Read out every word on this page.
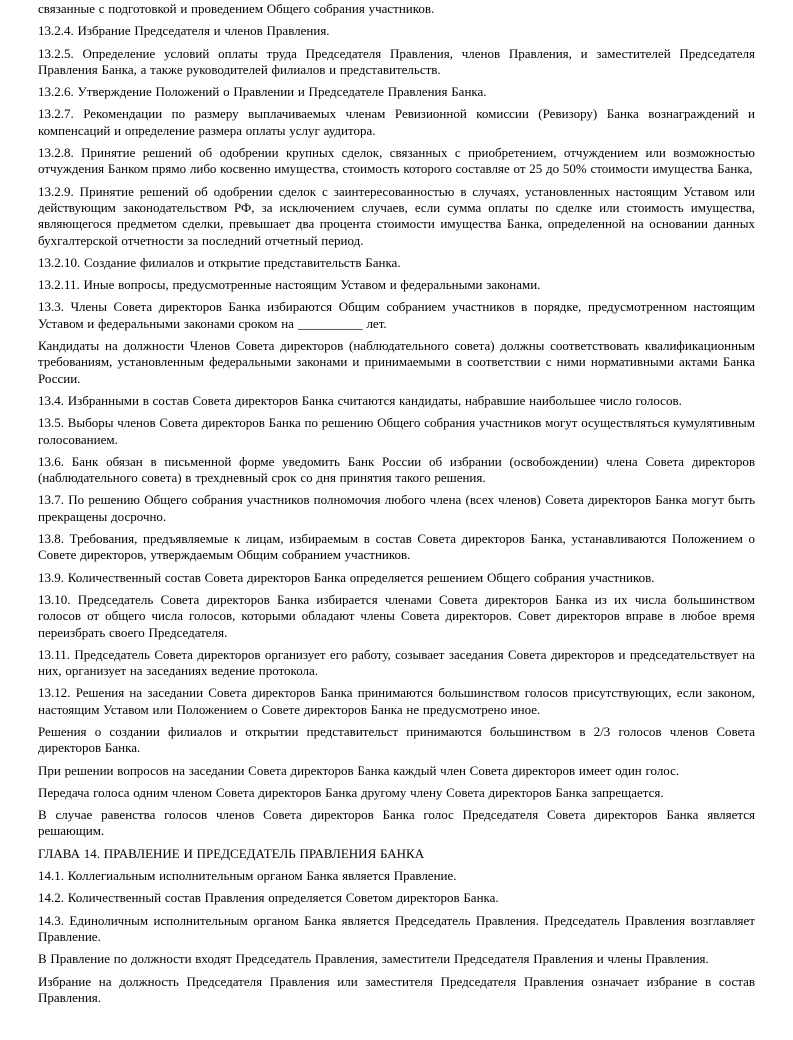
связанные с подготовкой и проведением Общего собрания участников.

13.2.4. Избрание Председателя и членов Правления.

13.2.5. Определение условий оплаты труда Председателя Правления, членов Правления, и заместителей Председателя Правления Банка, а также руководителей филиалов и представительств.

13.2.6. Утверждение Положений о Правлении и Председателе Правления Банка.

13.2.7. Рекомендации по размеру выплачиваемых членам Ревизионной комиссии (Ревизору) Банка вознаграждений и компенсаций и определение размера оплаты услуг аудитора.

13.2.8. Принятие решений об одобрении крупных сделок, связанных с приобретением, отчуждением или возможностью отчуждения Банком прямо либо косвенно имущества, стоимость которого составляе от 25 до 50% стоимости имущества Банка,

13.2.9. Принятие решений об одобрении сделок с заинтересованностью в случаях, установленных настоящим Уставом или действующим законодательством РФ, за исключением случаев, если сумма оплаты по сделке или стоимость имущества, являющегося предметом сделки, превышает два процента стоимости имущества Банка, определенной на основании данных бухгалтерской отчетности за последний отчетный период.

13.2.10. Создание филиалов и открытие представительств Банка.

13.2.11. Иные вопросы, предусмотренные настоящим Уставом и федеральными законами.

13.3. Члены Совета директоров Банка избираются Общим собранием участников в порядке, предусмотренном настоящим Уставом и федеральными законами сроком на __________ лет.

Кандидаты на должности Членов Совета директоров (наблюдательного совета) должны соответствовать квалификационным требованиям, установленным федеральными законами и принимаемыми в соответствии с ними нормативными актами Банка России.

13.4. Избранными в состав Совета директоров Банка считаются кандидаты, набравшие наибольшее число голосов.

13.5. Выборы членов Совета директоров Банка по решению Общего собрания участников могут осуществляться кумулятивным голосованием.

13.6. Банк обязан в письменной форме уведомить Банк России об избрании (освобождении) члена Совета директоров (наблюдательного совета) в трехдневный срок со дня принятия такого решения.

13.7. По решению Общего собрания участников полномочия любого члена (всех членов) Совета директоров Банка могут быть прекращены досрочно.

13.8. Требования, предъявляемые к лицам, избираемым в состав Совета директоров Банка, устанавливаются Положением о Совете директоров, утверждаемым Общим собранием участников.

13.9. Количественный состав Совета директоров Банка определяется решением Общего собрания участников.

13.10. Председатель Совета директоров Банка избирается членами Совета директоров Банка из их числа большинством голосов от общего числа голосов, которыми обладают члены Совета директоров. Совет директоров вправе в любое время переизбрать своего Председателя.

13.11. Председатель Совета директоров организует его работу, созывает заседания Совета директоров и председательствует на них, организует на заседаниях ведение протокола.

13.12. Решения на заседании Совета директоров Банка принимаются большинством голосов присутствующих, если законом, настоящим Уставом или Положением о Совете директоров Банка не предусмотрено иное.

Решения о создании филиалов и открытии представительст принимаются большинством в 2/3 голосов членов Совета директоров Банка.

При решении вопросов на заседании Совета директоров Банка каждый член Совета директоров имеет один голос.

Передача голоса одним членом Совета директоров Банка другому члену Совета директоров Банка запрещается.

В случае равенства голосов членов Совета директоров Банка голос Председателя Совета директоров Банка является решающим.

ГЛАВА 14. ПРАВЛЕНИЕ И ПРЕДСЕДАТЕЛЬ ПРАВЛЕНИЯ БАНКА

14.1. Коллегиальным исполнительным органом Банка является Правление.

14.2. Количественный состав Правления определяется Советом директоров Банка.

14.3. Единоличным исполнительным органом Банка является Председатель Правления. Председатель Правления возглавляет Правление.

В Правление по должности входят Председатель Правления, заместители Председателя Правления и члены Правления.

Избрание на должность Председателя Правления или заместителя Председателя Правления означает избрание в состав Правления.
